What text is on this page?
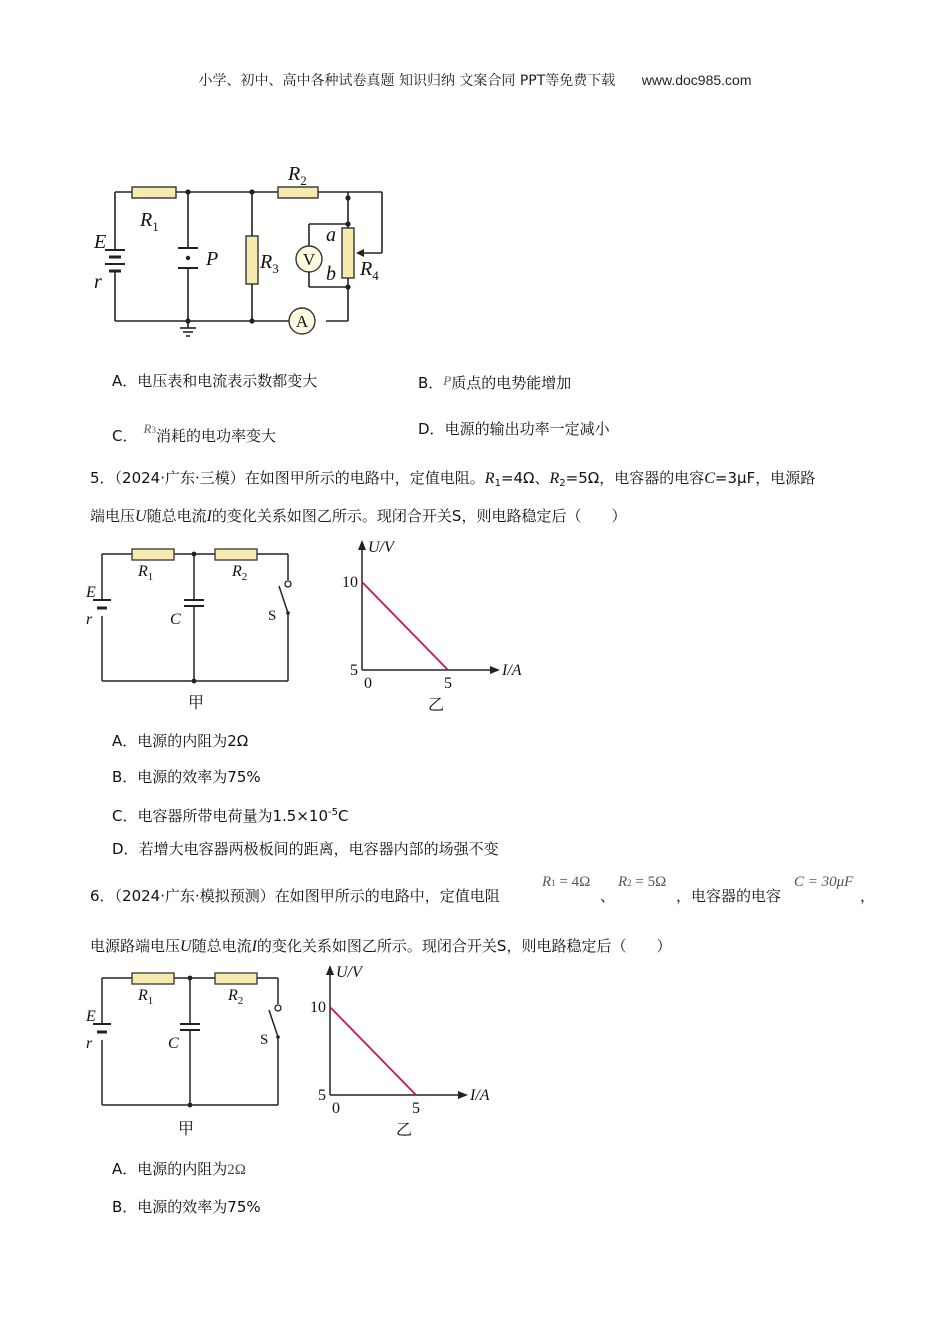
小学、初中、高中各种试卷真题 知识归纳 文案合同 PPT等免费下载 www.doc985.com
$R_2$
$R_1$
E
r
P $R_3$
a
b $R_4$
V
A
A．电压表和电流表示数都变大	B．P质点的电势能增加
C． R3消耗的电功率变大	D．电源的输出功率一定减小
5．（2024·广东·三模）在如图甲所示的电路中，定值电阻。$R_1=4\Omega$、$R_2=5\Omega$，电容器的电容C=3μF，电源路
端电压U随总电流I的变化关系如图乙所示。现闭合开关S，则电路稳定后（　　）
E
r
$R_1$	$R_2$
C	S
甲
I/A
U/V
5
10
0	5
乙
A．电源的内阻为2Ω
B．电源的效率为75%
C．电容器所带电荷量为$1.5\times 10^{-5}C$
D．若增大电容器两极板间的距离，电容器内部的场强不变
6．（2024·广东·模拟预测）在如图甲所示的电路中，定值电阻
R1 = 4Ω
、
R2 = 5Ω
，电容器的电容
C = 30μF
，
电源路端电压U随总电流I的变化关系如图乙所示。现闭合开关S，则电路稳定后（　　）
E
r
$R_1$	$R_2$
C	S
甲
I/A
U/V
5
10
0	5
乙
A．电源的内阻为2Ω
B．电源的效率为75%
